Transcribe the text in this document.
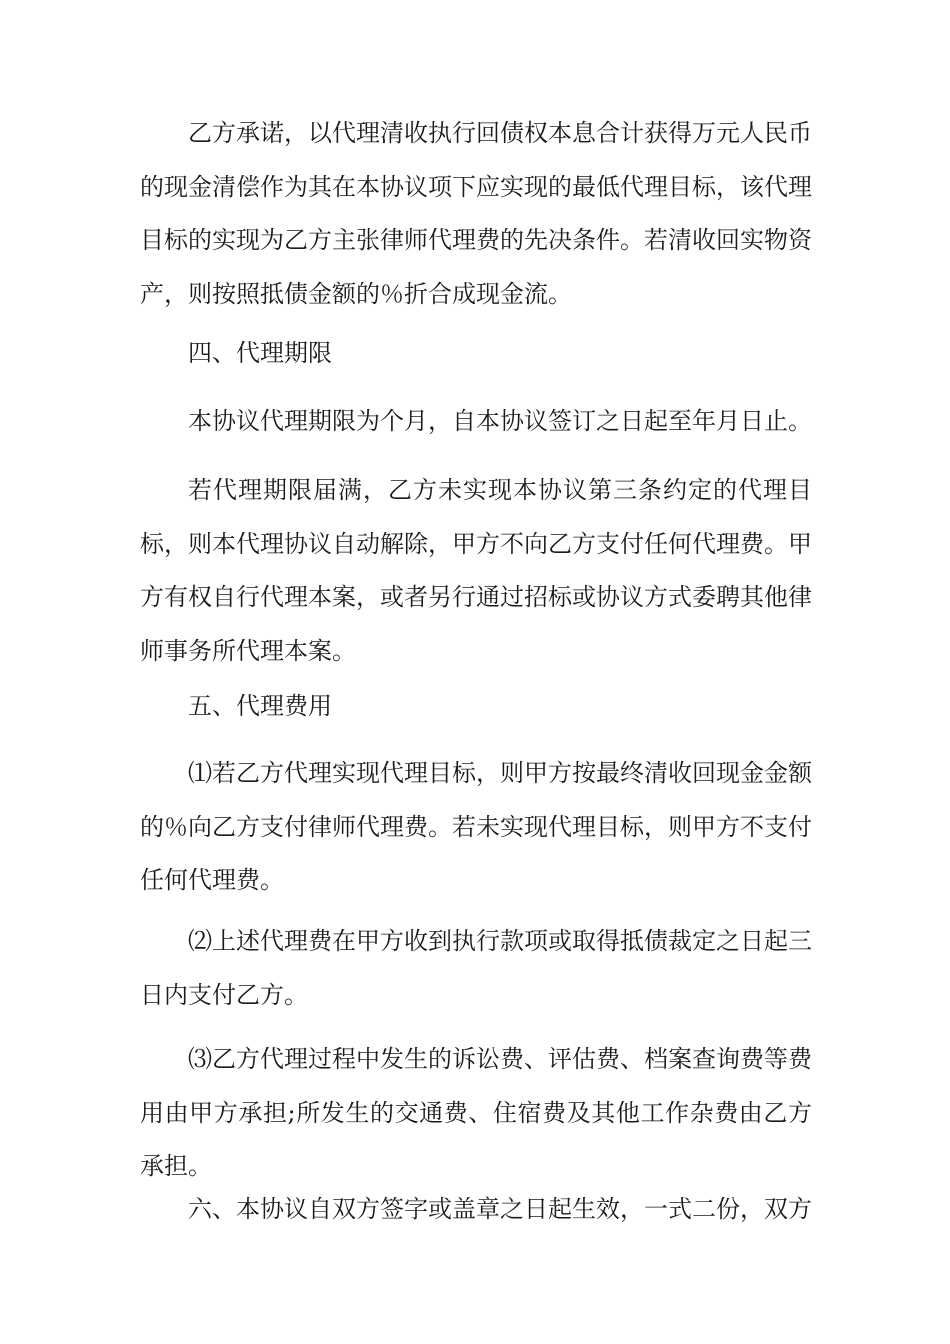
乙方承诺，以代理清收执行回债权本息合计获得万元人民币的现金清偿作为其在本协议项下应实现的最低代理目标，该代理目标的实现为乙方主张律师代理费的先决条件。若清收回实物资产，则按照抵债金额的％折合成现金流。

四、代理期限

本协议代理期限为个月，自本协议签订之日起至年月日止。

若代理期限届满，乙方未实现本协议第三条约定的代理目标，则本代理协议自动解除，甲方不向乙方支付任何代理费。甲方有权自行代理本案，或者另行通过招标或协议方式委聘其他律师事务所代理本案。

五、代理费用

⑴若乙方代理实现代理目标，则甲方按最终清收回现金金额的％向乙方支付律师代理费。若未实现代理目标，则甲方不支付任何代理费。

⑵上述代理费在甲方收到执行款项或取得抵债裁定之日起三日内支付乙方。

⑶乙方代理过程中发生的诉讼费、评估费、档案查询费等费用由甲方承担;所发生的交通费、住宿费及其他工作杂费由乙方承担。

六、本协议自双方签字或盖章之日起生效，一式二份，双方
